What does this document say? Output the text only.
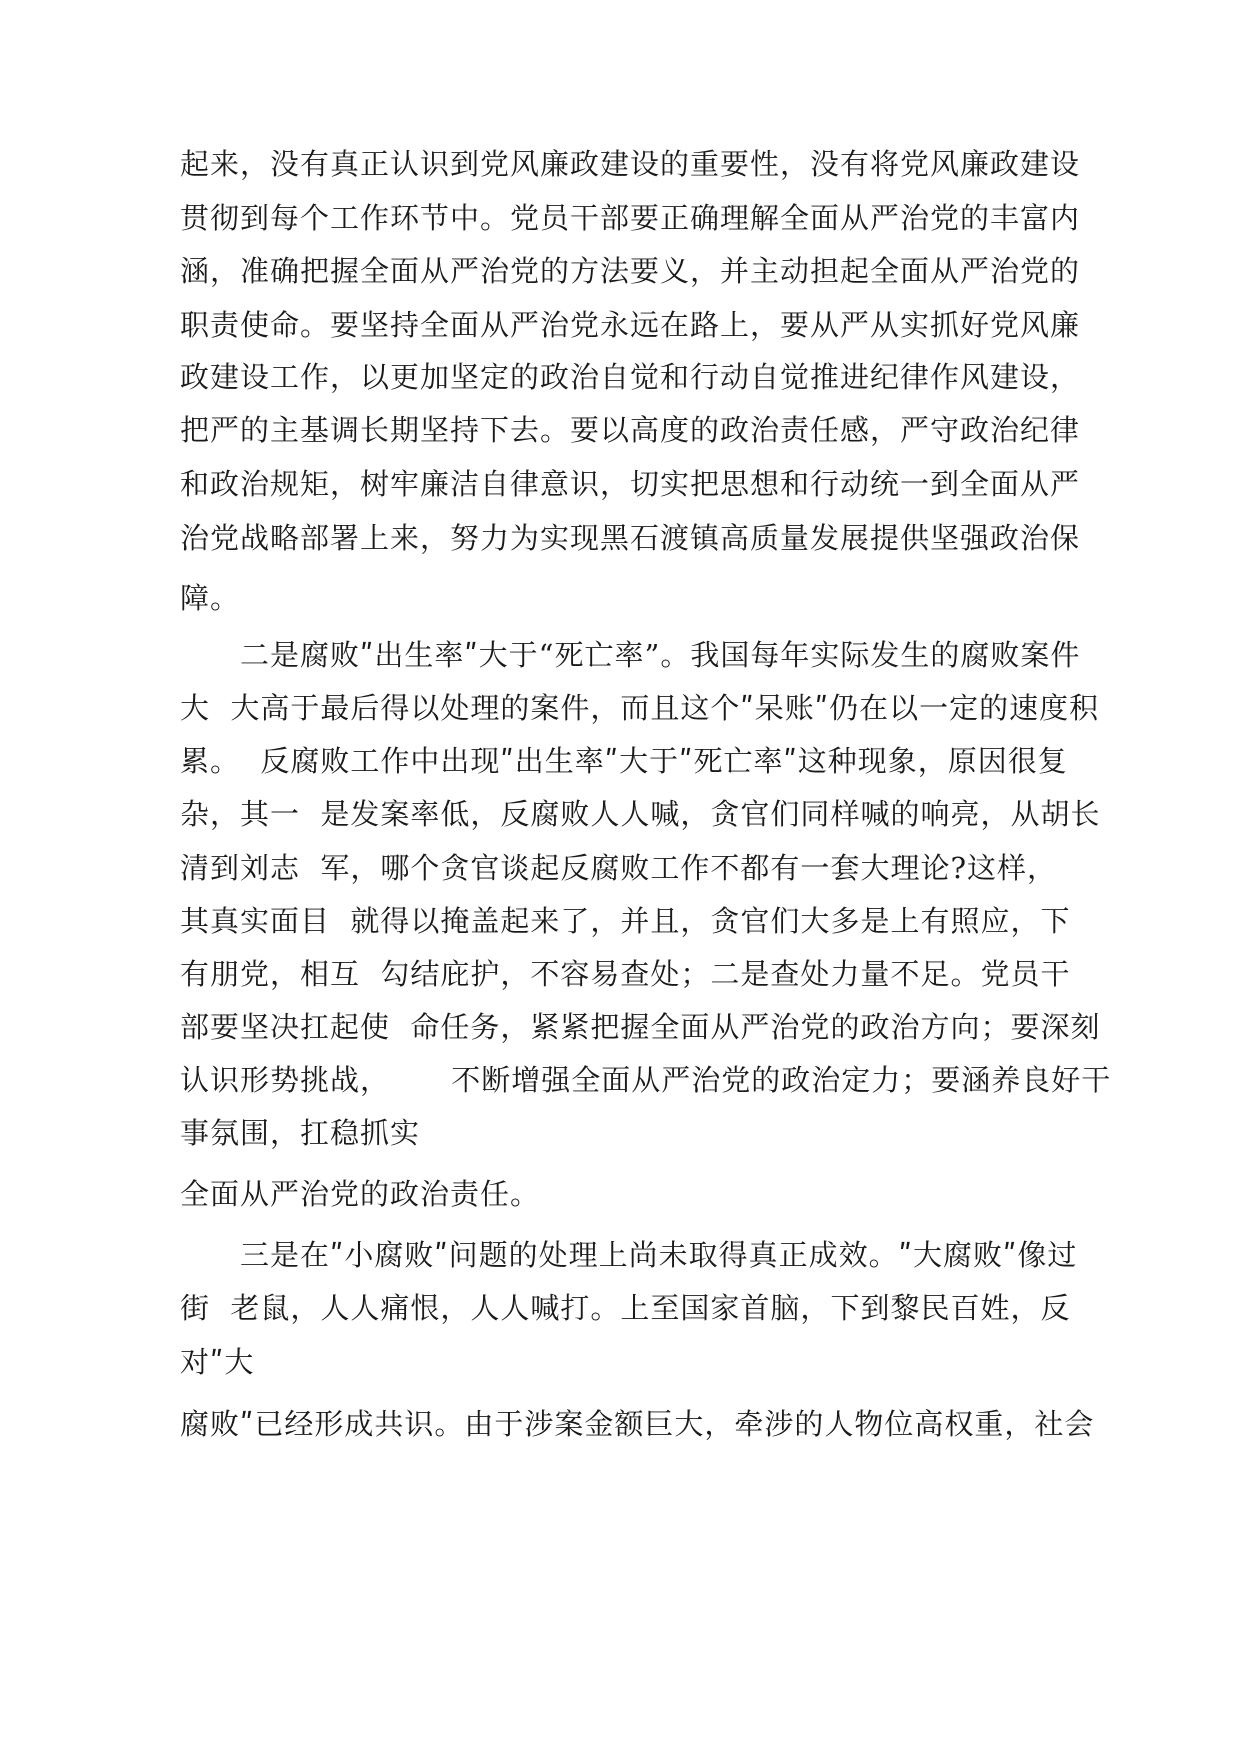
起来，没有真正认识到党风廉政建设的重要性，没有将党风廉政建设
贯彻到每个工作环节中。党员干部要正确理解全面从严治党的丰富内
涵，准确把握全面从严治党的方法要义，并主动担起全面从严治党的
职责使命。要坚持全面从严治党永远在路上，要从严从实抓好党风廉
政建设工作，以更加坚定的政治自觉和行动自觉推进纪律作风建设，
把严的主基调长期坚持下去。要以高度的政治责任感，严守政治纪律
和政治规矩，树牢廉洁自律意识，切实把思想和行动统一到全面从严
治党战略部署上来，努力为实现黑石渡镇高质量发展提供坚强政治保
障。
二是腐败ʺ出生率ʺ大于“死亡率”。我国每年实际发生的腐败案件
大  大高于最后得以处理的案件，而且这个ʺ呆账ʺ仍在以一定的速度积
累。  反腐败工作中出现ʺ出生率ʺ大于ʺ死亡率ʺ这种现象，原因很复
杂，其一  是发案率低，反腐败人人喊，贪官们同样喊的响亮，从胡长
清到刘志  军，哪个贪官谈起反腐败工作不都有一套大理论?这样，
其真实面目  就得以掩盖起来了，并且，贪官们大多是上有照应，下
有朋党，相互  勾结庇护，不容易查处；二是查处力量不足。党员干
部要坚决扛起使  命任务，紧紧把握全面从严治党的政治方向；要深刻
认识形势挑战，      不断增强全面从严治党的政治定力；要涵养良好干
事氛围，扛稳抓实
全面从严治党的政治责任。
三是在ʺ小腐败ʺ问题的处理上尚未取得真正成效。ʺ大腐败ʺ像过
街  老鼠，人人痛恨，人人喊打。上至国家首脑，下到黎民百姓，反
对ʺ大
腐败ʺ已经形成共识。由于涉案金额巨大，牵涉的人物位高权重，社会
